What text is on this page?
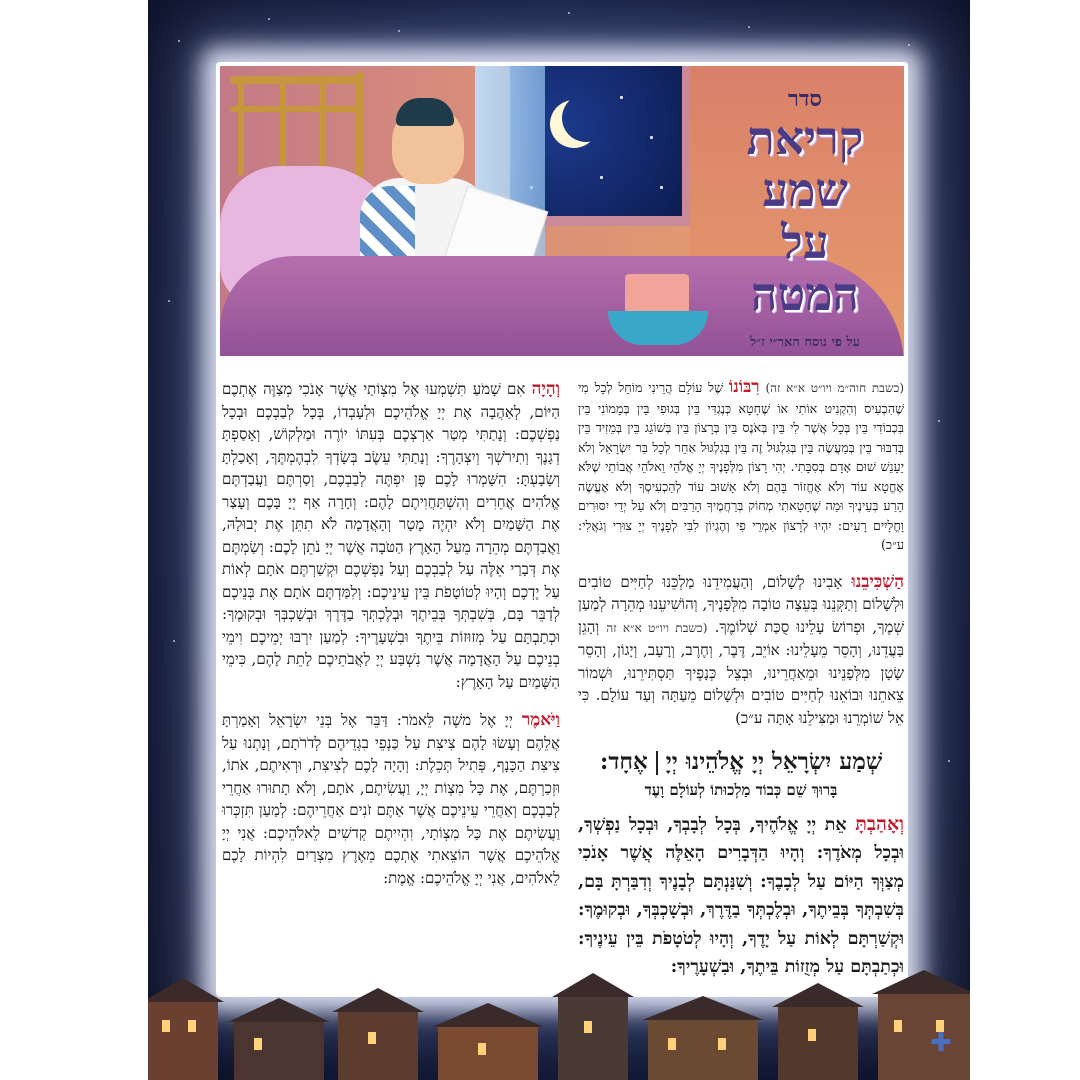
סדר
קריאת שמע
על המטה
על פי נוסח האר״י ז״ל
(כשבת חוה״מ ויו״ט א״א זה) רִבּוֹנוֹ שֶׁל עוֹלָם הֲרֵינִי מוֹחֵל לְכָל מִי שֶׁהִכְעִיס וְהִקְנִיט אוֹתִי אוֹ שֶׁחָטָא כְּנֶגְדִּי בֵּין בְּגוּפִי בֵּין בְּמָמוֹנִי בֵּין בִּכְבוֹדִי בֵּין בְּכָל אֲשֶׁר לִי בֵּין בְּאֹנֶס בֵּין בְּרָצוֹן בֵּין בְּשׁוֹגֵג בֵּין בְּמֵזִיד בֵּין בְּדִבּוּר בֵּין בְּמַעֲשֶׂה בֵּין בְּגִלְגּוּל זֶה בֵּין בְּגִלְגּוּל אַחֵר לְכָל בַּר יִשְׂרָאֵל וְלֹא יֵעָנֵשׁ שׁוּם אָדָם בְּסִבָּתִי. יְהִי רָצוֹן מִלְּפָנֶיךָ יְיָ אֱלֹהַי וֵאלֹהֵי אֲבוֹתַי שֶׁלֹּא אֶחֱטָא עוֹד וְלֹא אֶחֱזוֹר בָּהֶם וְלֹא אָשׁוּב עוֹד לְהַכְעִיסְךָ וְלֹא אֶעֱשֶׂה הָרַע בְּעֵינֶיךָ וּמַה שֶׁחָטָאתִי מְחוֹק בְּרַחֲמֶיךָ הָרַבִּים וְלֹא עַל יְדֵי יִסּוּרִים וָחֳלָיִים רָעִים: יִהְיוּ לְרָצוֹן אִמְרֵי פִי וְהֶגְיוֹן לִבִּי לְפָנֶיךָ יְיָ צוּרִי וְגֹאֲלִי: ע״כ)
הַשְׁכִּיבֵנוּ אָבִינוּ לְשָׁלוֹם, וְהַעֲמִידֵנוּ מַלְכֵּנוּ לְחַיִּים טוֹבִים וּלְשָׁלוֹם וְתַקְּנֵנוּ בְּעֵצָה טוֹבָה מִלְּפָנֶיךָ, וְהוֹשִׁיעֵנוּ מְהֵרָה לְמַעַן שְׁמֶךָ, וּפְרוֹשׂ עָלֵינוּ סֻכַּת שְׁלוֹמֶךָ. (כשבת ויו״ט א״א זה וְהָגֵן בַּעֲדֵנוּ, וְהָסֵר מֵעָלֵינוּ: אוֹיֵב, דֶּבֶר, וְחֶרֶב, וְרָעָב, וְיָגוֹן, וְהָסֵר שָׂטָן מִלְּפָנֵינוּ וּמֵאַחֲרֵינוּ, וּבְצֵל כְּנָפֶיךָ תַּסְתִּירֵנוּ, וּשְׁמוֹר צֵאתֵנוּ וּבוֹאֵנוּ לְחַיִּים טוֹבִים וּלְשָׁלוֹם מֵעַתָּה וְעַד עוֹלָם. כִּי אֵל שׁוֹמְרֵנוּ וּמַצִּילֵנוּ אָתָּה ע״כ)
שְׁמַע יִשְׂרָאֵל יְיָ אֱלֹהֵינוּ יְיָאֶחָד:
בָּרוּךְ שֵׁם כְּבוֹד מַלְכוּתוֹ לְעוֹלָם וָעֶד
וְאָהַבְתָּ אֵת יְיָ אֱלֹהֶיךָ, בְּכָל לְבָבְךָ, וּבְכָל נַפְשְׁךָ, וּבְכָל מְאֹדֶךָ: וְהָיוּ הַדְּבָרִים הָאֵלֶּה אֲשֶׁר אָנֹכִי מְצַוְּךָ הַיּוֹם עַל לְבָבֶךָ: וְשִׁנַּנְתָּם לְבָנֶיךָ וְדִבַּרְתָּ בָּם, בְּשִׁבְתְּךָ בְּבֵיתֶךָ, וּבְלֶכְתְּךָ בַדֶּרֶךְ, וּבְשָׁכְבְּךָ, וּבְקוּמֶךָ: וּקְשַׁרְתָּם לְאוֹת עַל יָדֶךָ, וְהָיוּ לְטֹטָפֹת בֵּין עֵינֶיךָ: וּכְתַבְתָּם עַל מְזֻזוֹת בֵּיתֶךָ, וּבִשְׁעָרֶיךָ:
וְהָיָה אִם שָׁמֹעַ תִּשְׁמְעוּ אֶל מִצְוֹתַי אֲשֶׁר אָנֹכִי מְצַוֶּה אֶתְכֶם הַיּוֹם, לְאַהֲבָה אֶת יְיָ אֱלֹהֵיכֶם וּלְעָבְדוֹ, בְּכָל לְבַבְכֶם וּבְכָל נַפְשְׁכֶם: וְנָתַתִּי מְטַר אַרְצְכֶם בְּעִתּוֹ יוֹרֶה וּמַלְקוֹשׁ, וְאָסַפְתָּ דְגָנֶךָ וְתִירֹשְׁךָ וְיִצְהָרֶךָ: וְנָתַתִּי עֵשֶׂב בְּשָׂדְךָ לִבְהֶמְתֶּךָ, וְאָכַלְתָּ וְשָׂבָעְתָּ: הִשָּׁמְרוּ לָכֶם פֶּן יִפְתֶּה לְבַבְכֶם, וְסַרְתֶּם וַעֲבַדְתֶּם אֱלֹהִים אֲחֵרִים וְהִשְׁתַּחֲוִיתֶם לָהֶם: וְחָרָה אַף יְיָ בָּכֶם וְעָצַר אֶת הַשָּׁמַיִם וְלֹא יִהְיֶה מָטָר וְהָאֲדָמָה לֹא תִתֵּן אֶת יְבוּלָהּ, וַאֲבַדְתֶּם מְהֵרָה מֵעַל הָאָרֶץ הַטֹּבָה אֲשֶׁר יְיָ נֹתֵן לָכֶם: וְשַׂמְתֶּם אֶת דְּבָרַי אֵלֶּה עַל לְבַבְכֶם וְעַל נַפְשְׁכֶם וּקְשַׁרְתֶּם אֹתָם לְאוֹת עַל יֶדְכֶם וְהָיוּ לְטוֹטָפֹת בֵּין עֵינֵיכֶם: וְלִמַּדְתֶּם אֹתָם אֶת בְּנֵיכֶם לְדַבֵּר בָּם, בְּשִׁבְתְּךָ בְּבֵיתֶךָ וּבְלֶכְתְּךָ בַדֶּרֶךְ וּבְשָׁכְבְּךָ וּבְקוּמֶךָ: וּכְתַבְתָּם עַל מְזוּזוֹת בֵּיתֶךָ וּבִשְׁעָרֶיךָ: לְמַעַן יִרְבּוּ יְמֵיכֶם וִימֵי בְנֵיכֶם עַל הָאֲדָמָה אֲשֶׁר נִשְׁבַּע יְיָ לַאֲבֹתֵיכֶם לָתֵת לָהֶם, כִּימֵי הַשָּׁמַיִם עַל הָאָרֶץ:
וַיֹּאמֶר יְיָ אֶל משֶׁה לֵּאמֹר: דַּבֵּר אֶל בְּנֵי יִשְׂרָאֵל וְאָמַרְתָּ אֲלֵהֶם וְעָשׂוּ לָהֶם צִיצִת עַל כַּנְפֵי בִגְדֵיהֶם לְדֹרֹתָם, וְנָתְנוּ עַל צִיצִת הַכָּנָף, פְּתִיל תְּכֵלֶת: וְהָיָה לָכֶם לְצִיצִת, וּרְאִיתֶם, אֹתוֹ, וּזְכַרְתֶּם, אֶת כָּל מִצְוֹת יְיָ, וַעֲשִׂיתֶם, אֹתָם, וְלֹא תָתוּרוּ אַחֲרֵי לְבַבְכֶם וְאַחֲרֵי עֵינֵיכֶם אֲשֶׁר אַתֶּם זֹנִים אַחֲרֵיהֶם: לְמַעַן תִּזְכְּרוּ וַעֲשִׂיתֶם אֶת כָּל מִצְוֹתָי, וִהְיִיתֶם קְדשִׁים לֵאלֹהֵיכֶם: אֲנִי יְיָ אֱלֹהֵיכֶם אֲשֶׁר הוֹצֵאתִי אֶתְכֶם מֵאֶרֶץ מִצְרַיִם לִהְיוֹת לָכֶם לֵאלֹהִים, אֲנִי יְיָ אֱלֹהֵיכֶם: אֱמֶת:
✚
